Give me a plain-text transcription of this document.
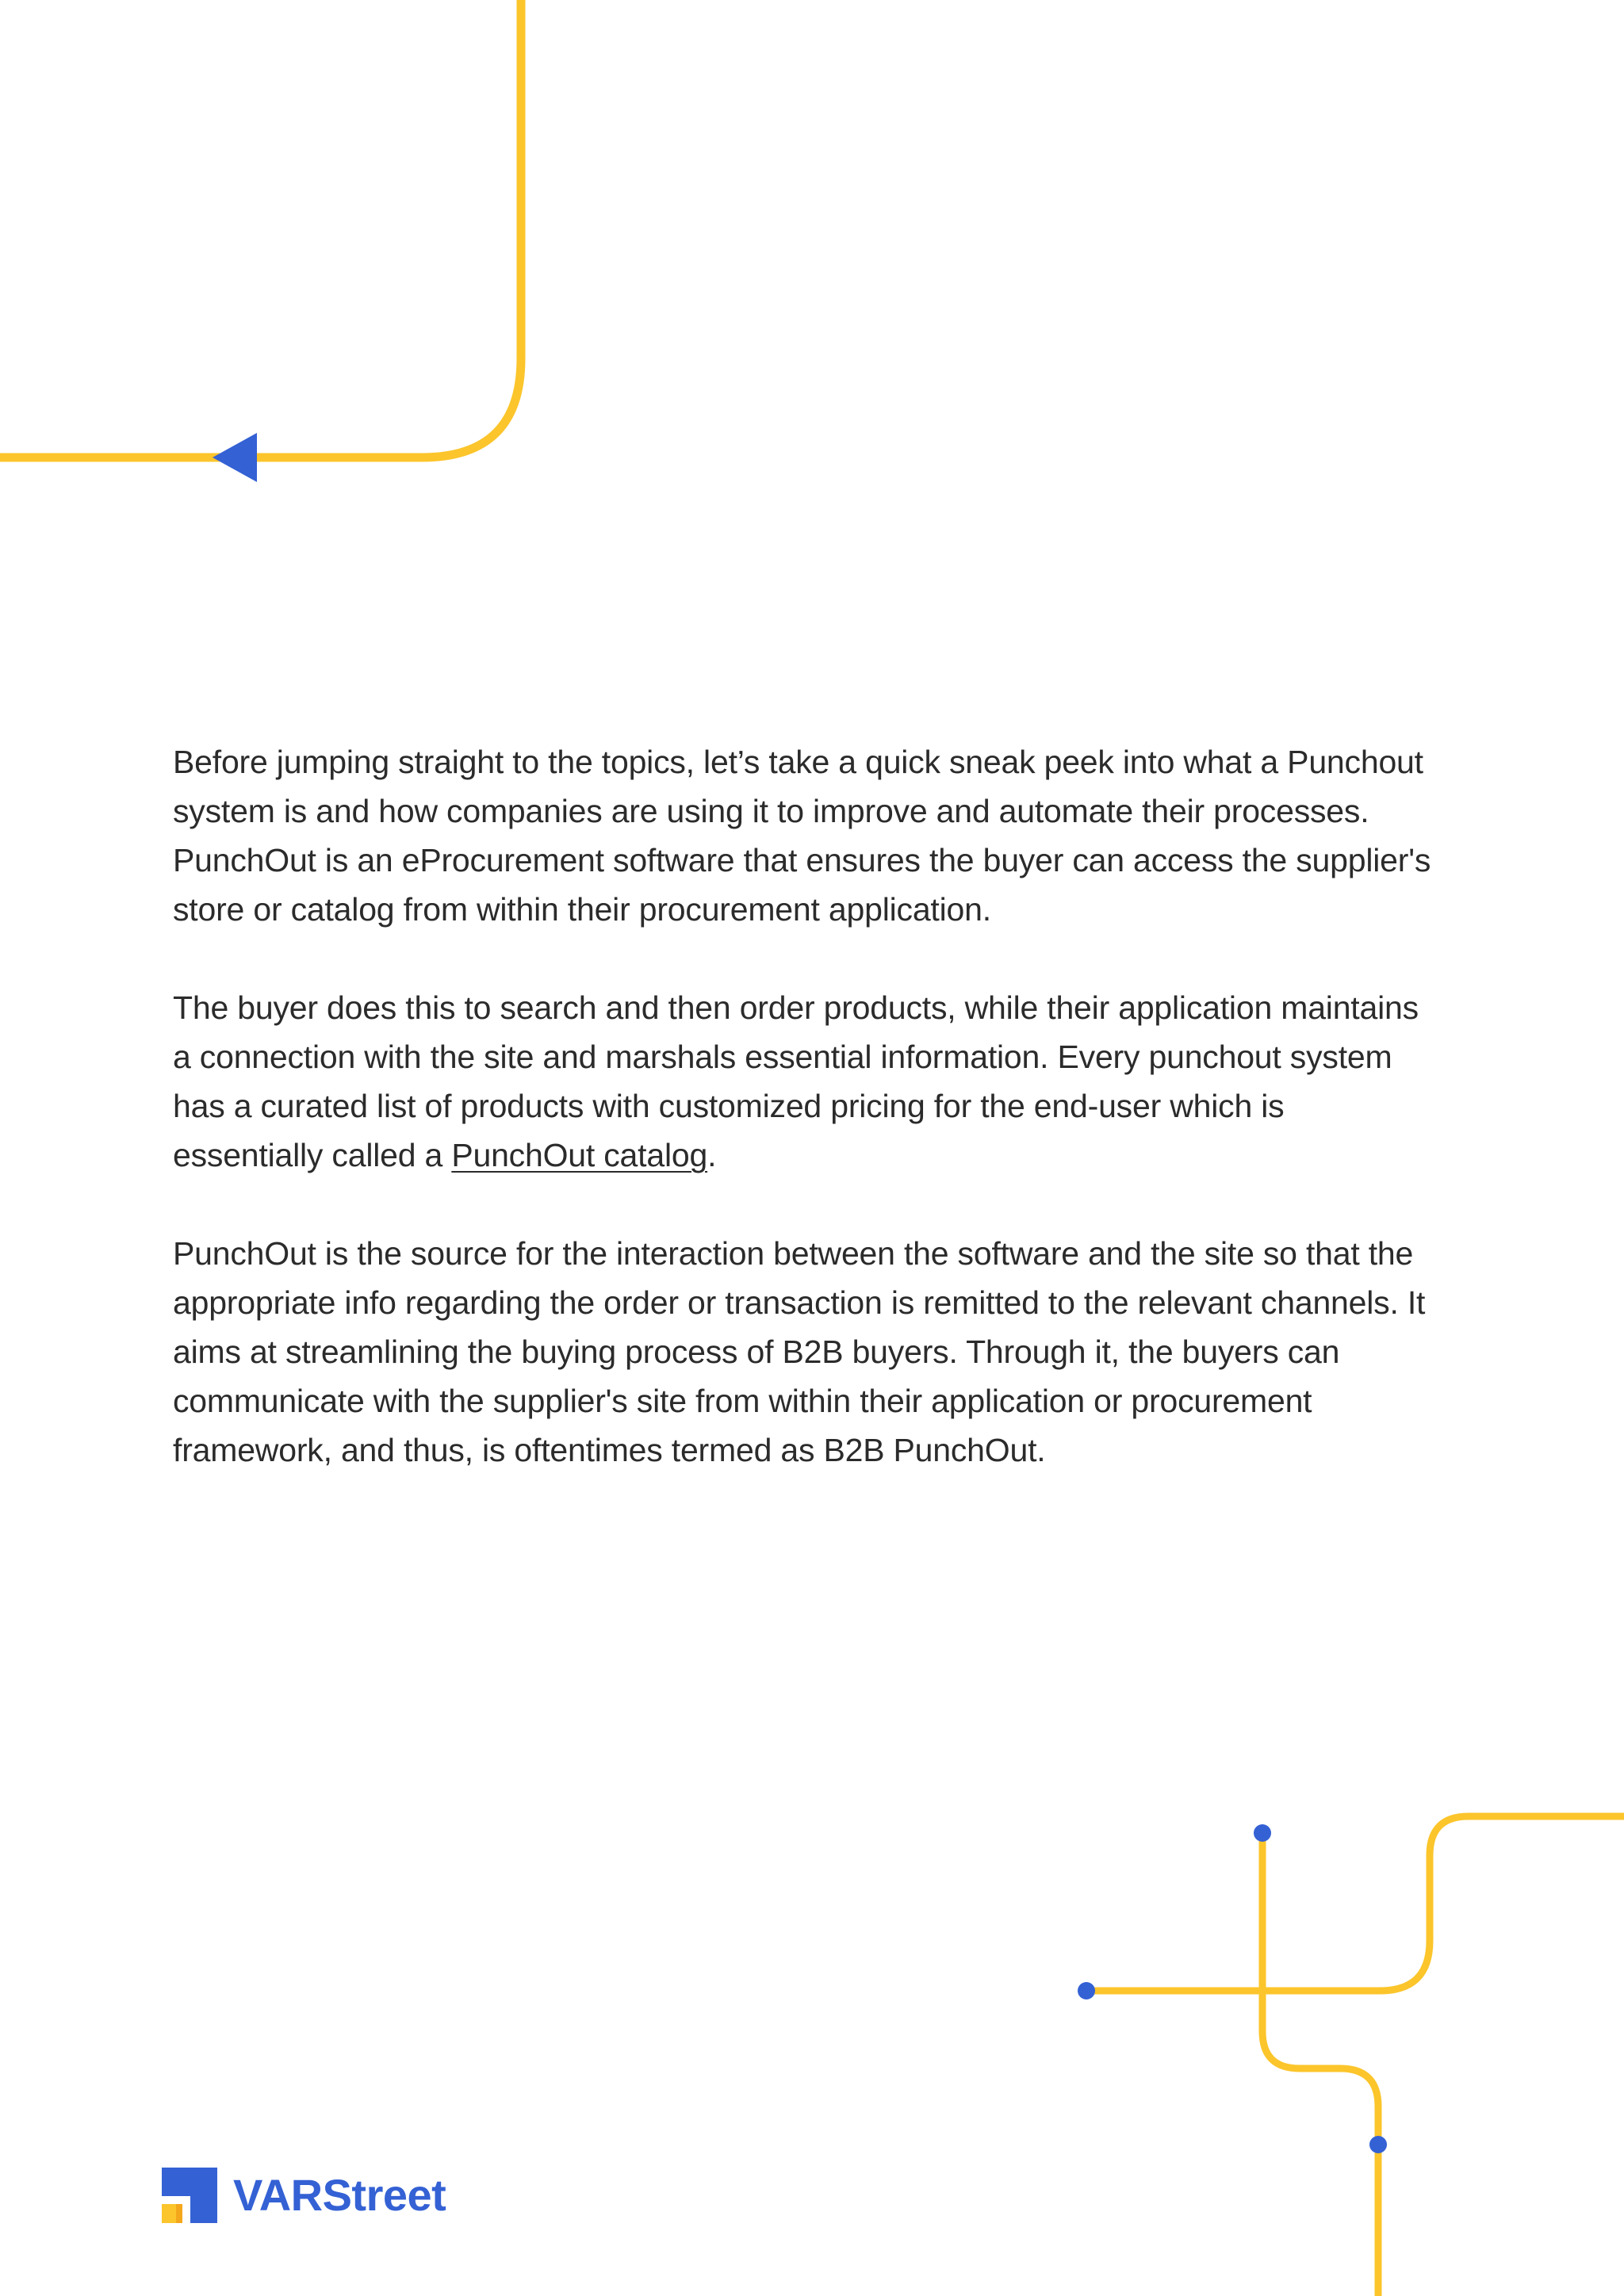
Before jumping straight to the topics, let’s take a quick sneak peek into what a Punchout system is and how companies are using it to improve and automate their processes. PunchOut is an eProcurement software that ensures the buyer can access the supplier's store or catalog from within their procurement application.

The buyer does this to search and then order products, while their application maintains a connection with the site and marshals essential information. Every punchout system has a curated list of products with customized pricing for the end-user which is essentially called a PunchOut catalog.

PunchOut is the source for the interaction between the software and the site so that the appropriate info regarding the order or transaction is remitted to the relevant channels. It aims at streamlining the buying process of B2B buyers. Through it, the buyers can communicate with the supplier's site from within their application or procurement framework, and thus, is oftentimes termed as B2B PunchOut.

VARStreet
